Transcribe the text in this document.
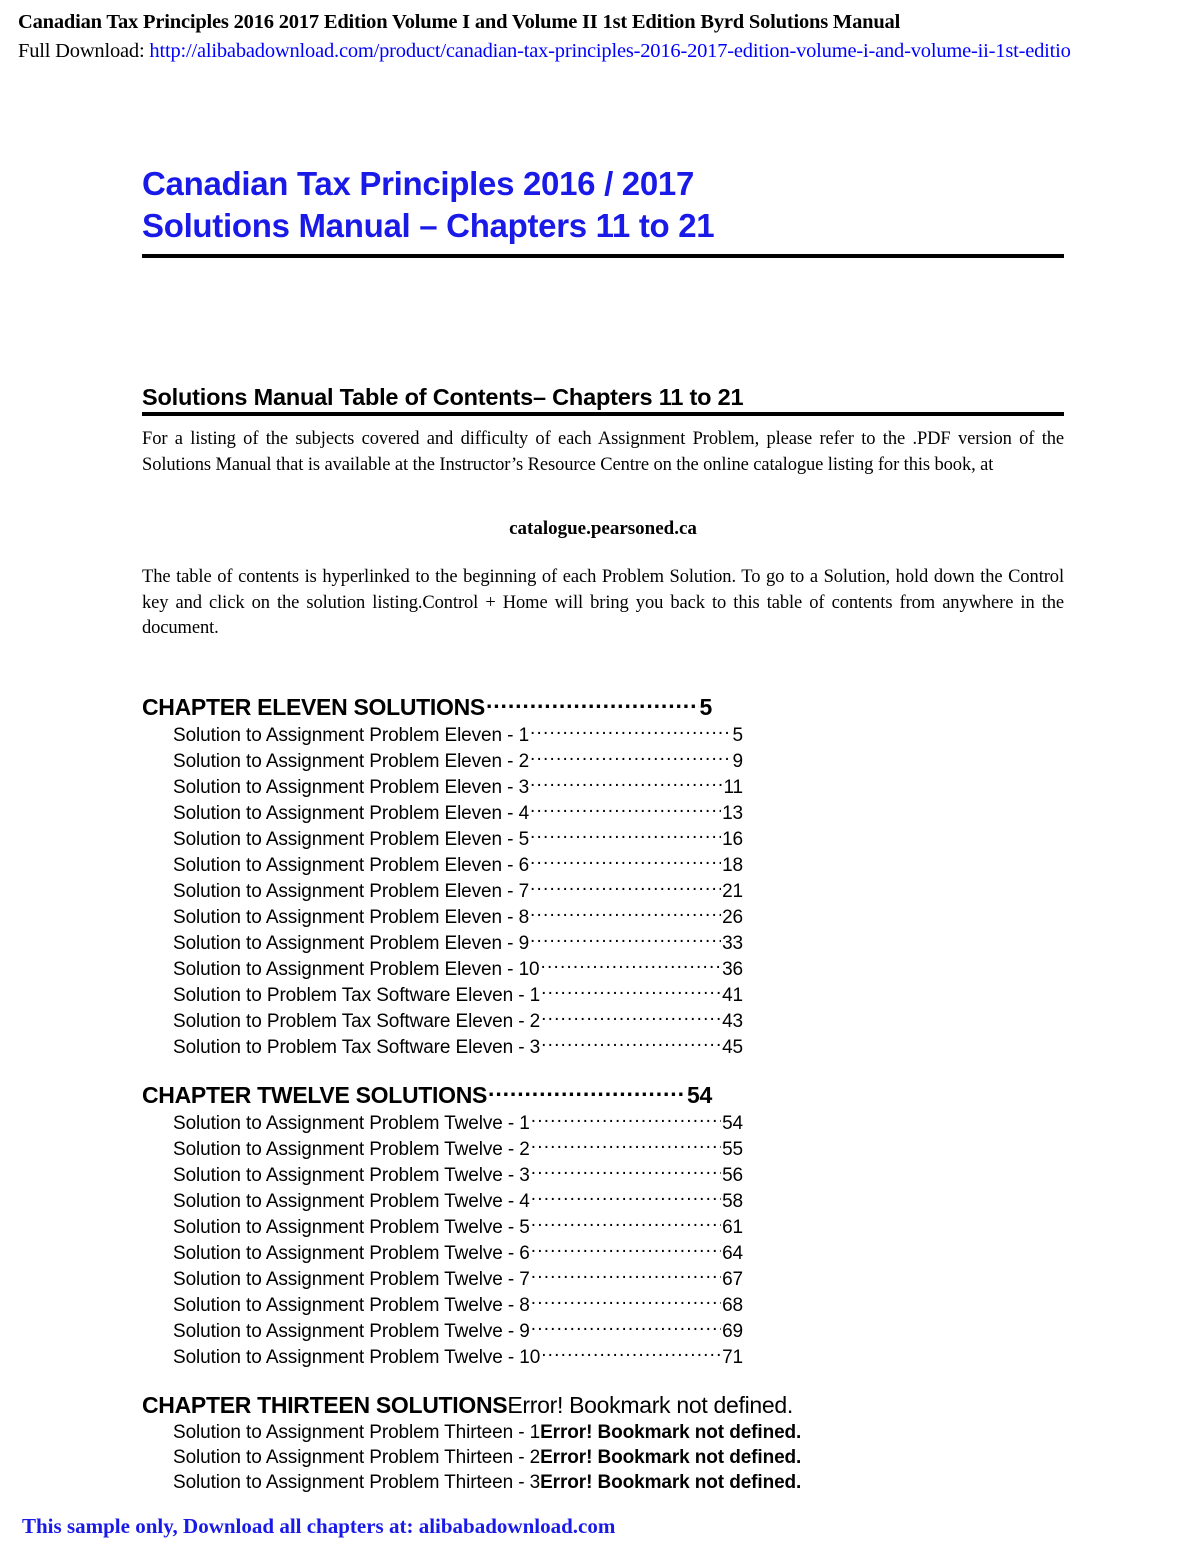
Canadian Tax Principles 2016 2017 Edition Volume I and Volume II 1st Edition Byrd Solutions Manual
Full Download: http://alibabadownload.com/product/canadian-tax-principles-2016-2017-edition-volume-i-and-volume-ii-1st-editio
Canadian Tax Principles 2016 / 2017
Solutions Manual – Chapters 11 to 21
Solutions Manual Table of Contents– Chapters 11 to 21
For a listing of the subjects covered and difficulty of each Assignment Problem, please refer to the .PDF version of the Solutions Manual that is available at the Instructor’s Resource Centre on the online catalogue listing for this book, at
catalogue.pearsoned.ca
The table of contents is hyperlinked to the beginning of each Problem Solution. To go to a Solution, hold down the Control key and click on the solution listing.Control + Home will bring you back to this table of contents from anywhere in the document.
CHAPTER ELEVEN SOLUTIONS .....	5
Solution to Assignment Problem Eleven - 1 .....	5
Solution to Assignment Problem Eleven - 2 .....	9
Solution to Assignment Problem Eleven - 3 .....	11
Solution to Assignment Problem Eleven - 4 .....	13
Solution to Assignment Problem Eleven - 5 .....	16
Solution to Assignment Problem Eleven - 6 .....	18
Solution to Assignment Problem Eleven - 7 .....	21
Solution to Assignment Problem Eleven - 8 .....	26
Solution to Assignment Problem Eleven - 9 .....	33
Solution to Assignment Problem Eleven - 10 .....	36
Solution to Problem Tax Software Eleven - 1 .....	41
Solution to Problem Tax Software Eleven - 2 .....	43
Solution to Problem Tax Software Eleven - 3 .....	45
CHAPTER TWELVE SOLUTIONS .....	54
Solution to Assignment Problem Twelve - 1 .....	54
Solution to Assignment Problem Twelve - 2 .....	55
Solution to Assignment Problem Twelve - 3 .....	56
Solution to Assignment Problem Twelve - 4 .....	58
Solution to Assignment Problem Twelve - 5 .....	61
Solution to Assignment Problem Twelve - 6 .....	64
Solution to Assignment Problem Twelve - 7 .....	67
Solution to Assignment Problem Twelve - 8 .....	68
Solution to Assignment Problem Twelve - 9 .....	69
Solution to Assignment Problem Twelve - 10 .....	71
CHAPTER THIRTEEN SOLUTIONS Error! Bookmark not defined.
Solution to Assignment Problem Thirteen - 1 Error! Bookmark not defined.
Solution to Assignment Problem Thirteen - 2 Error! Bookmark not defined.
Solution to Assignment Problem Thirteen - 3 Error! Bookmark not defined.
This sample only, Download all chapters at: alibabadownload.com
